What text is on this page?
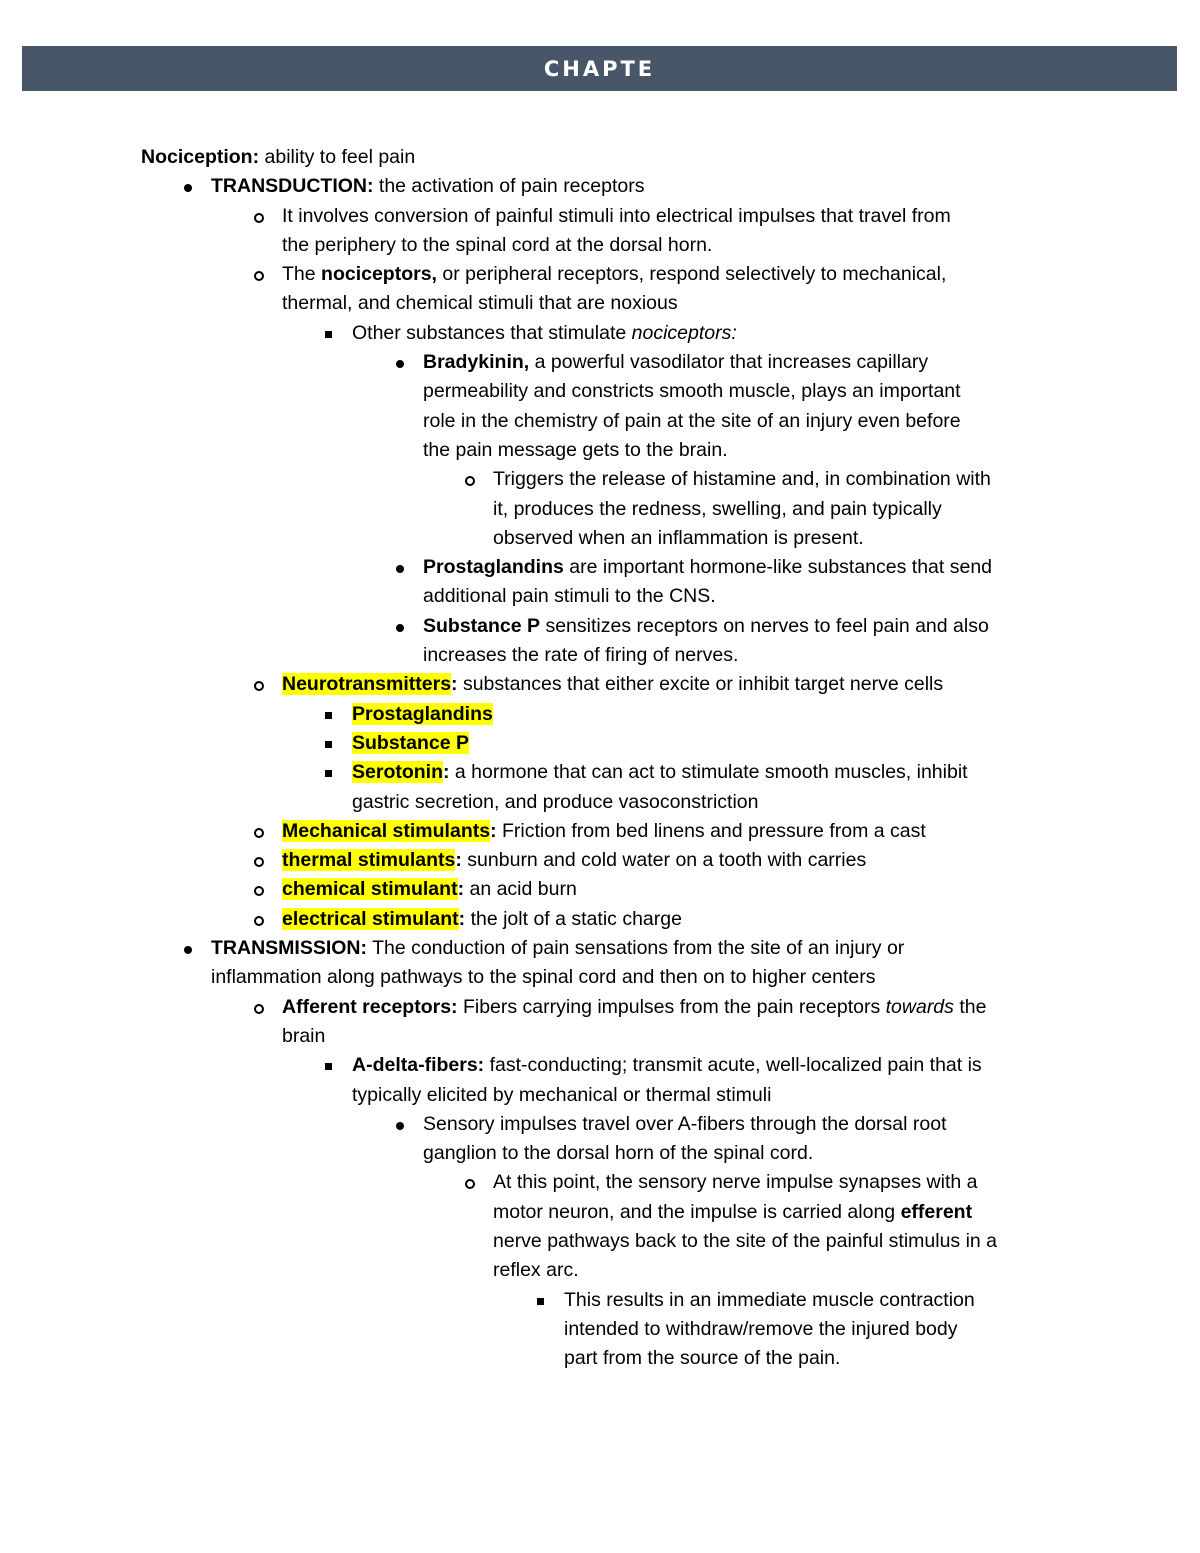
CHAPTE
Nociception: ability to feel pain
TRANSDUCTION: the activation of pain receptors
It involves conversion of painful stimuli into electrical impulses that travel from
the periphery to the spinal cord at the dorsal horn.
The nociceptors, or peripheral receptors, respond selectively to mechanical,
thermal, and chemical stimuli that are noxious
Other substances that stimulate nociceptors:
Bradykinin, a powerful vasodilator that increases capillary
permeability and constricts smooth muscle, plays an important
role in the chemistry of pain at the site of an injury even before
the pain message gets to the brain.
Triggers the release of histamine and, in combination with
it, produces the redness, swelling, and pain typically
observed when an inflammation is present.
Prostaglandins are important hormone-like substances that send
additional pain stimuli to the CNS.
Substance P sensitizes receptors on nerves to feel pain and also
increases the rate of firing of nerves.
Neurotransmitters: substances that either excite or inhibit target nerve cells
Prostaglandins
Substance P
Serotonin: a hormone that can act to stimulate smooth muscles, inhibit
gastric secretion, and produce vasoconstriction
Mechanical stimulants: Friction from bed linens and pressure from a cast
thermal stimulants: sunburn and cold water on a tooth with carries
chemical stimulant: an acid burn
electrical stimulant: the jolt of a static charge
TRANSMISSION: The conduction of pain sensations from the site of an injury or
inflammation along pathways to the spinal cord and then on to higher centers
Afferent receptors: Fibers carrying impulses from the pain receptors towards the
brain
A-delta-fibers: fast-conducting; transmit acute, well-localized pain that is
typically elicited by mechanical or thermal stimuli
Sensory impulses travel over A-fibers through the dorsal root
ganglion to the dorsal horn of the spinal cord.
At this point, the sensory nerve impulse synapses with a
motor neuron, and the impulse is carried along efferent
nerve pathways back to the site of the painful stimulus in a
reflex arc.
This results in an immediate muscle contraction
intended to withdraw/remove the injured body
part from the source of the pain.
